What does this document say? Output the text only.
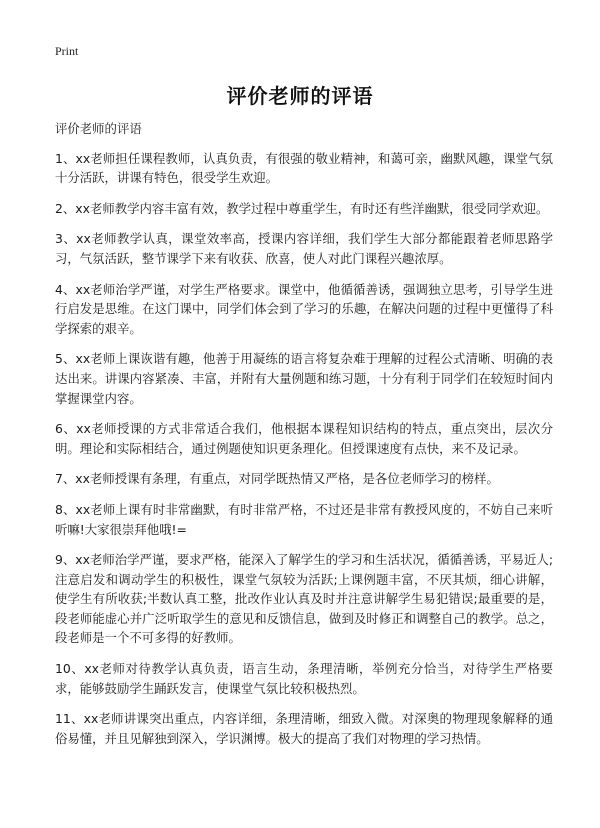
Print
评价老师的评语

评价老师的评语

1、xx老师担任课程教师，认真负责，有很强的敬业精神，和蔼可亲，幽默风趣，课堂气氛十分活跃，讲课有特色，很受学生欢迎。

2、xx老师教学内容丰富有效，教学过程中尊重学生，有时还有些洋幽默，很受同学欢迎。

3、xx老师教学认真，课堂效率高，授课内容详细，我们学生大部分都能跟着老师思路学习，气氛活跃，整节课学下来有收获、欣喜，使人对此门课程兴趣浓厚。

4、xx老师治学严谨，对学生严格要求。课堂中，他循循善诱，强调独立思考，引导学生进行启发是思维。在这门课中，同学们体会到了学习的乐趣，在解决问题的过程中更懂得了科学探索的艰辛。

5、xx老师上课诙谐有趣，他善于用凝练的语言将复杂难于理解的过程公式清晰、明确的表达出来。讲课内容紧凑、丰富，并附有大量例题和练习题，十分有利于同学们在较短时间内掌握课堂内容。

6、xx老师授课的方式非常适合我们，他根据本课程知识结构的特点，重点突出，层次分明。理论和实际相结合，通过例题使知识更条理化。但授课速度有点快，来不及记录。

7、xx老师授课有条理，有重点，对同学既热情又严格，是各位老师学习的榜样。

8、xx老师上课有时非常幽默，有时非常严格，不过还是非常有教授风度的，不妨自己来听听嘛!大家很崇拜他哦!=

9、xx老师治学严谨，要求严格，能深入了解学生的学习和生活状况，循循善诱，平易近人;注意启发和调动学生的积极性，课堂气氛较为活跃;上课例题丰富，不厌其烦，细心讲解，使学生有所收获;半数认真工整，批改作业认真及时并注意讲解学生易犯错误;最重要的是，段老师能虚心并广泛听取学生的意见和反馈信息，做到及时修正和调整自己的教学。总之，段老师是一个不可多得的好教师。

10、xx老师对待教学认真负责，语言生动，条理清晰，举例充分恰当，对待学生严格要求，能够鼓励学生踊跃发言，使课堂气氛比较积极热烈。

11、xx老师讲课突出重点，内容详细，条理清晰，细致入微。对深奥的物理现象解释的通俗易懂，并且见解独到深入，学识渊博。极大的提高了我们对物理的学习热情。
